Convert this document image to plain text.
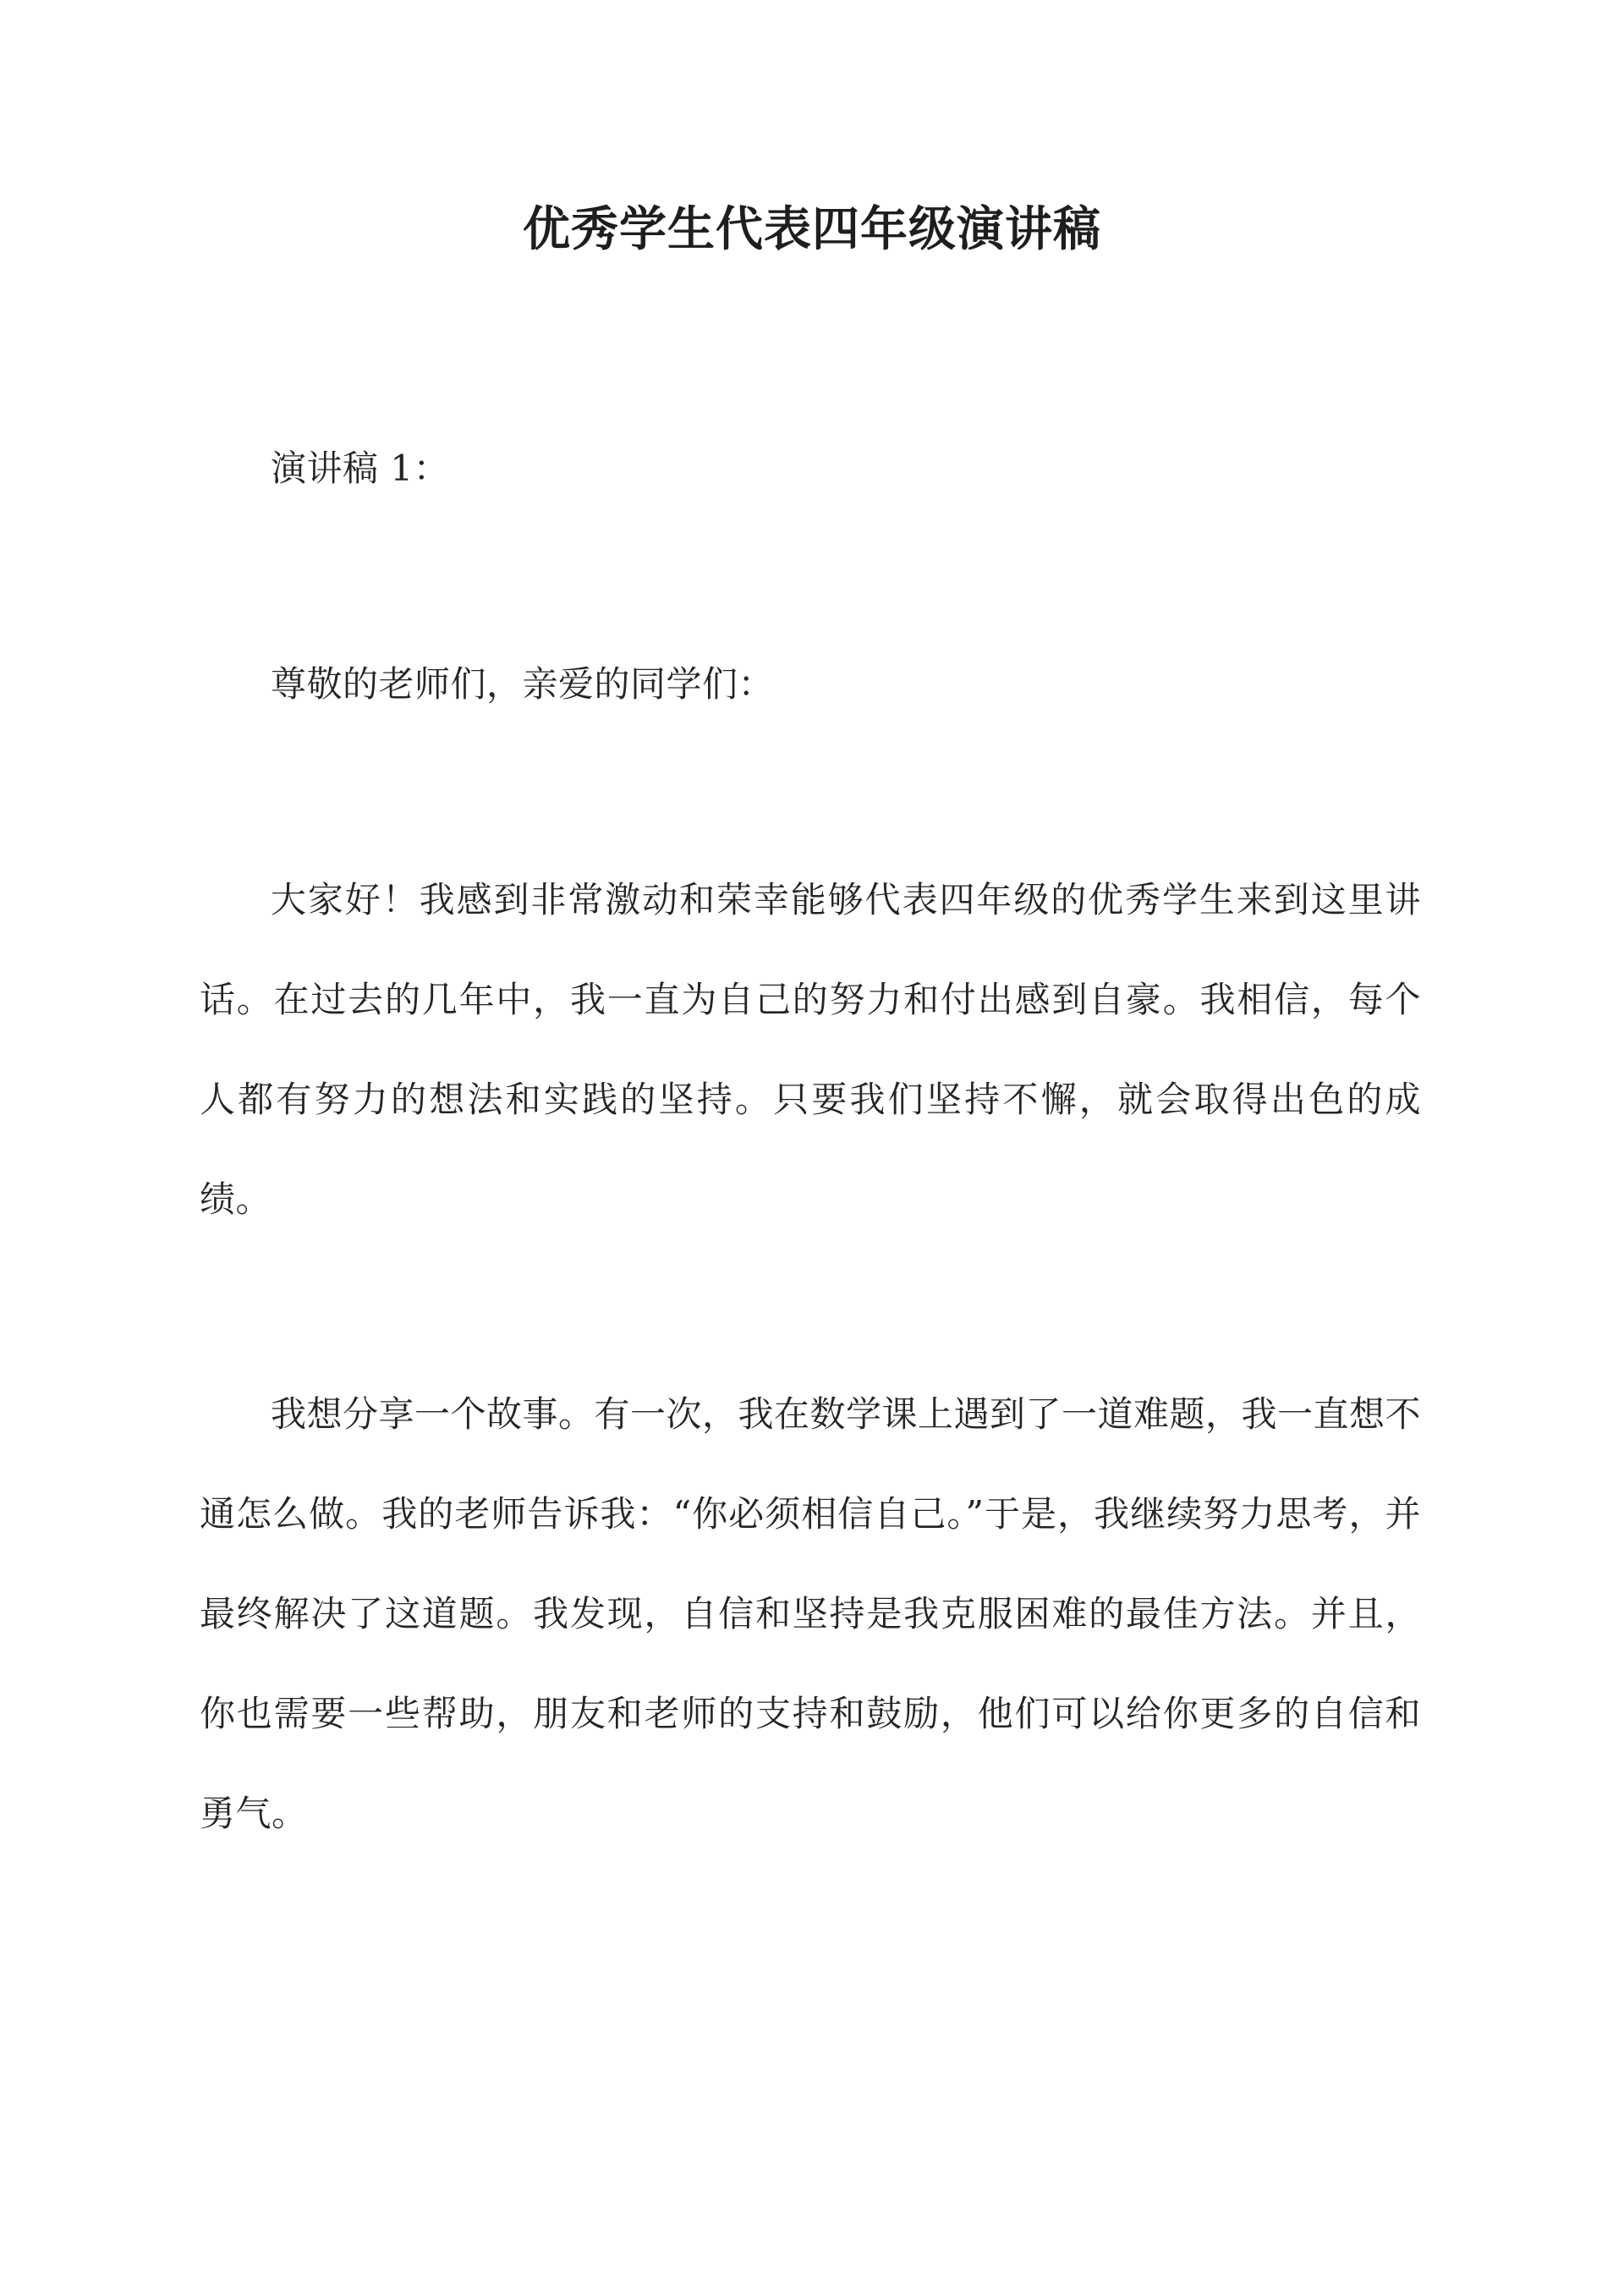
优秀学生代表四年级演讲稿

演讲稿 1：

尊敬的老师们，亲爱的同学们：

大家好！我感到非常激动和荣幸能够代表四年级的优秀学生来到这里讲话。在过去的几年中，我一直为自己的努力和付出感到自豪。我相信，每个人都有努力的想法和实践的坚持。只要我们坚持不懈，就会取得出色的成绩。

我想分享一个故事。有一次，我在数学课上遇到了一道难题，我一直想不通怎么做。我的老师告诉我：“你必须相信自己。”于是，我继续努力思考，并最终解决了这道题。我发现，自信和坚持是我克服困难的最佳方法。并且，你也需要一些帮助，朋友和老师的支持和鼓励，他们可以给你更多的自信和勇气。
